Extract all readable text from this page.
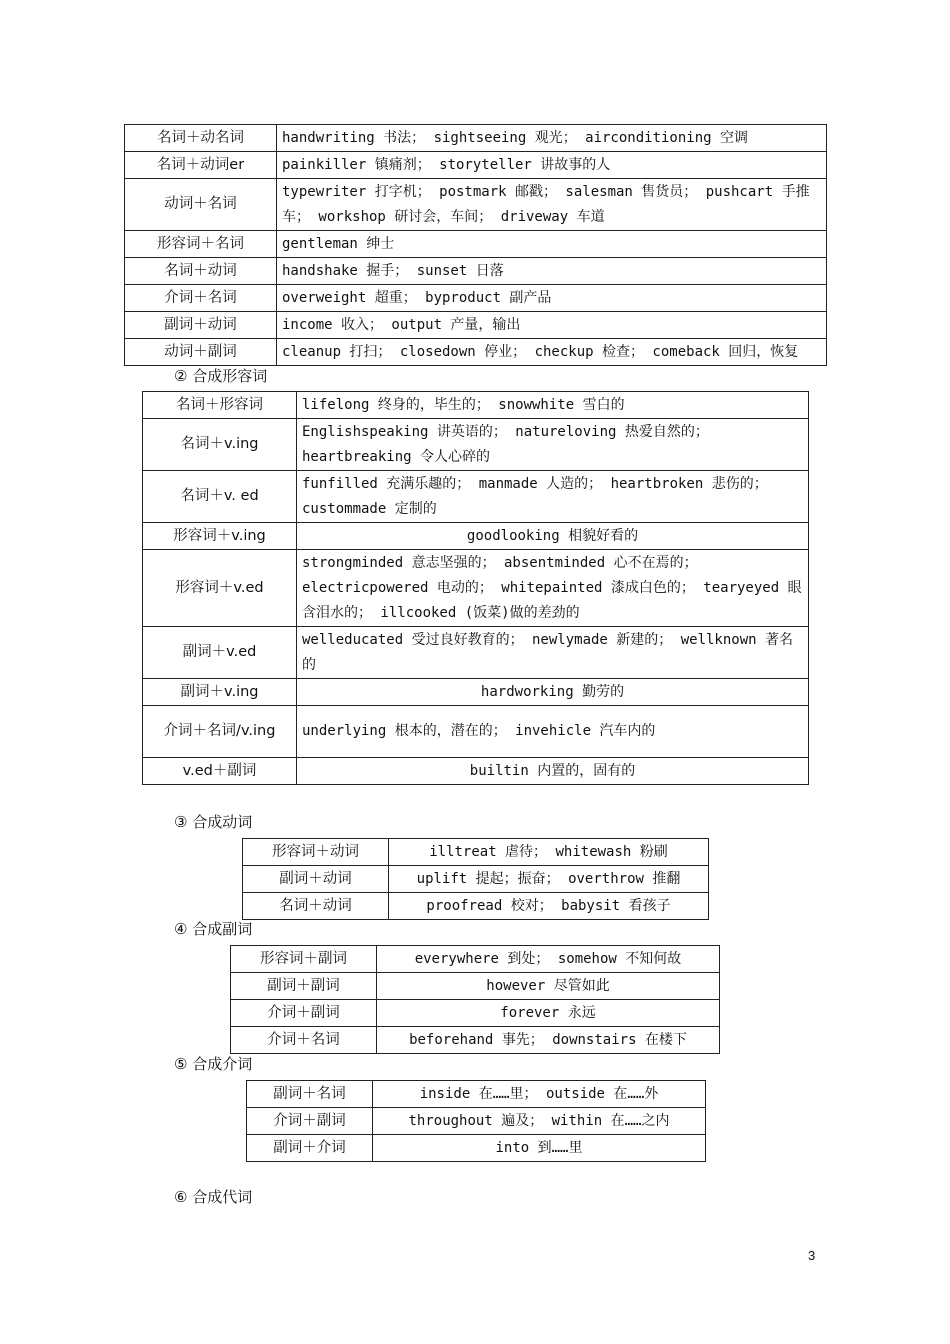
名词＋动名词	handwriting 书法； sightseeing 观光； airconditioning 空调
名词＋动词er	painkiller 镇痛剂； storyteller 讲故事的人
动词＋名词	typewriter 打字机； postmark 邮戳； salesman 售货员； pushcart 手推车； workshop 研讨会，车间； driveway 车道
形容词＋名词	gentleman 绅士
名词＋动词	handshake 握手； sunset 日落
介词＋名词	overweight 超重； byproduct 副产品
副词＋动词	income 收入； output 产量，输出
动词＋副词	cleanup 打扫； closedown 停业； checkup 检查； comeback 回归，恢复
② 合成形容词
名词＋形容词	lifelong 终身的，毕生的； snowwhite 雪白的
名词＋v.ing	Englishspeaking 讲英语的； natureloving 热爱自然的； heartbreaking 令人心碎的
名词＋v. ed	funfilled 充满乐趣的； manmade 人造的； heartbroken 悲伤的； custommade 定制的
形容词＋v.ing	goodlooking 相貌好看的
形容词＋v.ed	strongminded 意志坚强的； absentminded 心不在焉的； electricpowered 电动的； whitepainted 漆成白色的； tearyeyed 眼含泪水的； illcooked (饭菜)做的差劲的
副词＋v.ed	welleducated 受过良好教育的； newlymade 新建的； wellknown 著名的
副词＋v.ing	hardworking 勤劳的
介词＋名词/v.ing	underlying 根本的，潜在的； invehicle 汽车内的
v.ed＋副词	builtin 内置的，固有的
③ 合成动词
形容词＋动词	illtreat 虐待； whitewash 粉刷
副词＋动词	uplift 提起；振奋； overthrow 推翻
名词＋动词	proofread 校对； babysit 看孩子
④ 合成副词
形容词＋副词	everywhere 到处； somehow 不知何故
副词＋副词	however 尽管如此
介词＋副词	forever 永远
介词＋名词	beforehand 事先； downstairs 在楼下
⑤ 合成介词
副词＋名词	inside 在……里； outside 在……外
介词＋副词	throughout 遍及； within 在……之内
副词＋介词	into 到……里
⑥ 合成代词
3
